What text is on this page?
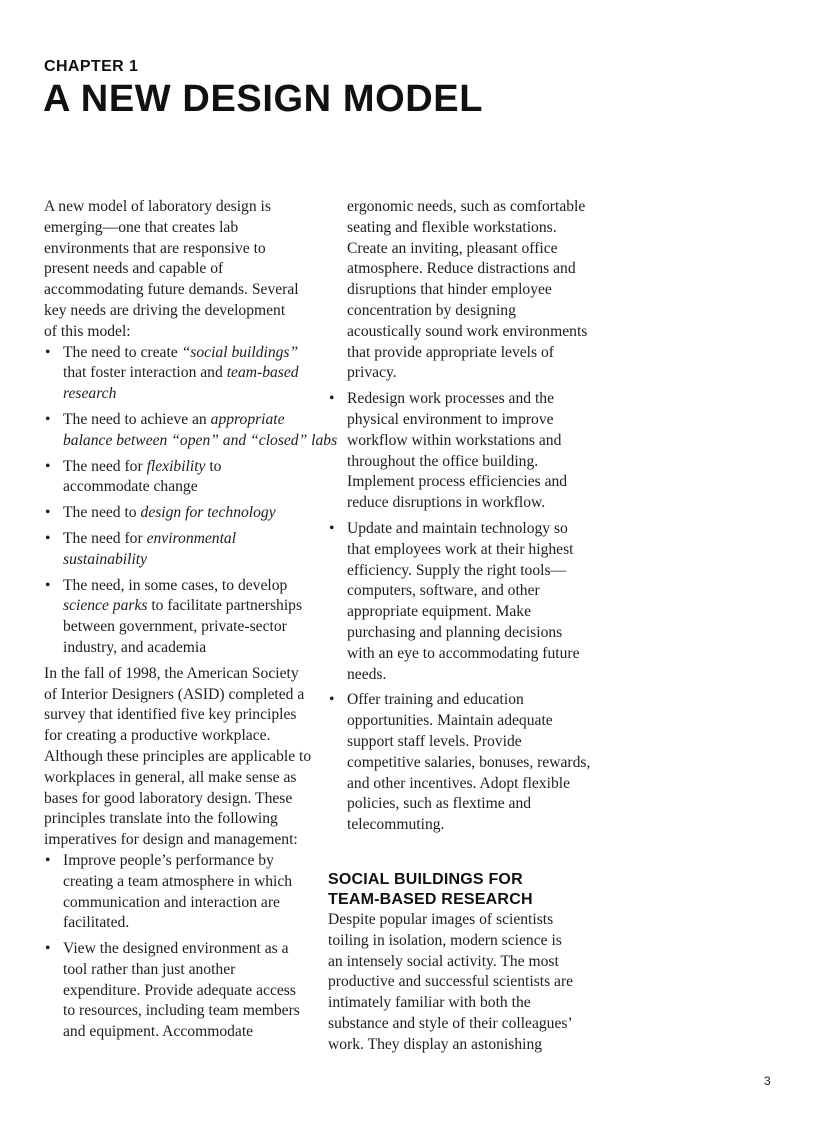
CHAPTER 1
A NEW DESIGN MODEL

A new model of laboratory design is
emerging—one that creates lab
environments that are responsive to
present needs and capable of
accommodating future demands. Several
key needs are driving the development
of this model:

• The need to create “social buildings”
that foster interaction and team-based
research
• The need to achieve an appropriate
balance between “open” and “closed” labs
• The need for flexibility to
accommodate change
• The need to design for technology
• The need for environmental
sustainability
• The need, in some cases, to develop
science parks to facilitate partnerships
between government, private-sector
industry, and academia

In the fall of 1998, the American Society
of Interior Designers (ASID) completed a
survey that identified five key principles
for creating a productive workplace.
Although these principles are applicable to
workplaces in general, all make sense as
bases for good laboratory design. These
principles translate into the following
imperatives for design and management:

• Improve people’s performance by
creating a team atmosphere in which
communication and interaction are
facilitated.
• View the designed environment as a
tool rather than just another
expenditure. Provide adequate access
to resources, including team members
and equipment. Accommodate
ergonomic needs, such as comfortable
seating and flexible workstations.
Create an inviting, pleasant office
atmosphere. Reduce distractions and
disruptions that hinder employee
concentration by designing
acoustically sound work environments
that provide appropriate levels of
privacy.
• Redesign work processes and the
physical environment to improve
workflow within workstations and
throughout the office building.
Implement process efficiencies and
reduce disruptions in workflow.
• Update and maintain technology so
that employees work at their highest
efficiency. Supply the right tools—
computers, software, and other
appropriate equipment. Make
purchasing and planning decisions
with an eye to accommodating future
needs.
• Offer training and education
opportunities. Maintain adequate
support staff levels. Provide
competitive salaries, bonuses, rewards,
and other incentives. Adopt flexible
policies, such as flextime and
telecommuting.
SOCIAL BUILDINGS FOR
TEAM-BASED RESEARCH

Despite popular images of scientists
toiling in isolation, modern science is
an intensely social activity. The most
productive and successful scientists are
intimately familiar with both the
substance and style of their colleagues’
work. They display an astonishing

3
